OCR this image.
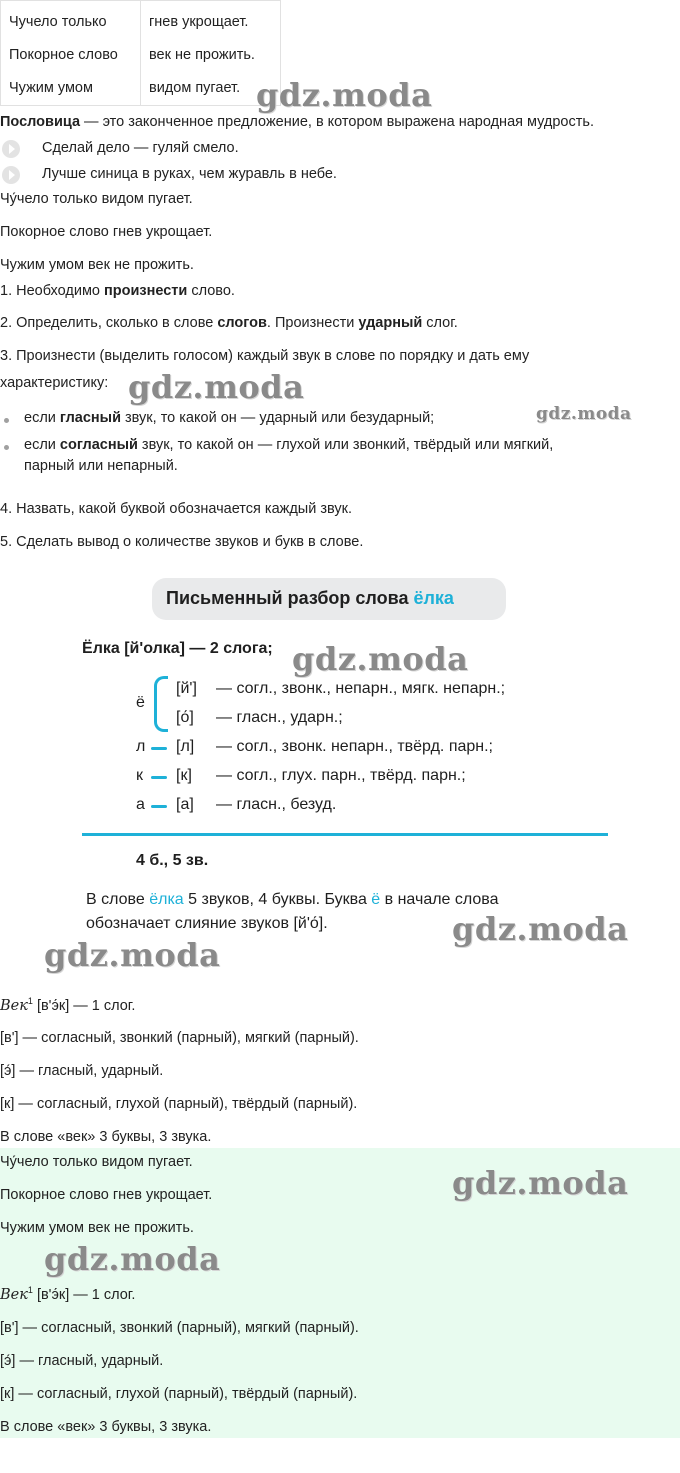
Чучело только	гнев укрощает.
Покорное слово век не прожить.
Чужим умом	видом пугает. gdz.moda
gdz.moda
gdz.moda
gdz.moda
gdz.moda
gdz.moda
Пословица — это законченное предложение, в котором выражена народная мудрость.
Сделай дело — гуляй смело.
Лучше синица в руках, чем журавль в небе.
Чу́чело только видом пугает.
Покорное слово гнев укрощает.
Чужим умом век не прожить.
1. Необходимо произнести слово.
2. Определить, сколько в слове слогов. Произнести ударный слог.
3. Произнести (выделить голосом) каждый звук в слове по порядку и дать ему
характеристику:
если гласный звук, то какой он — ударный или безударный;
если согласный звук, то какой он — глухой или звонкий, твёрдый или мягкий,
парный или непарный.
4. Назвать, какой буквой обозначается каждый звук.
5. Сделать вывод о количестве звуков и букв в слове.
Письменный разбор слова ёлка
Ёлка [й'олка] — 2 слога;
ё
[й'] — согл., звонк., непарн., мягк. непарн.;
[о́] — гласн., ударн.;
л [л] — согл., звонк. непарн., твёрд. парн.;
к [к] — согл., глух. парн., твёрд. парн.;
а [а] — гласн., безуд.
4 б., 5 зв.
В слове ёлка 5 звуков, 4 буквы. Буква ё в начале слова
обозначает слияние звуков [й'о́].
Век$^1$ [в'э́к] — 1 слог.
[в'] — согласный, звонкий (парный), мягкий (парный).
[э́] — гласный, ударный.
[к] — согласный, глухой (парный), твёрдый (парный).
В слове «век» 3 буквы, 3 звука.
gdz.moda
gdz.moda
Чу́чело только видом пугает.
Покорное слово гнев укрощает.
Чужим умом век не прожить.
Век$^1$ [в'э́к] — 1 слог.
[в'] — согласный, звонкий (парный), мягкий (парный).
[э́] — гласный, ударный.
[к] — согласный, глухой (парный), твёрдый (парный).
В слове «век» 3 буквы, 3 звука.
